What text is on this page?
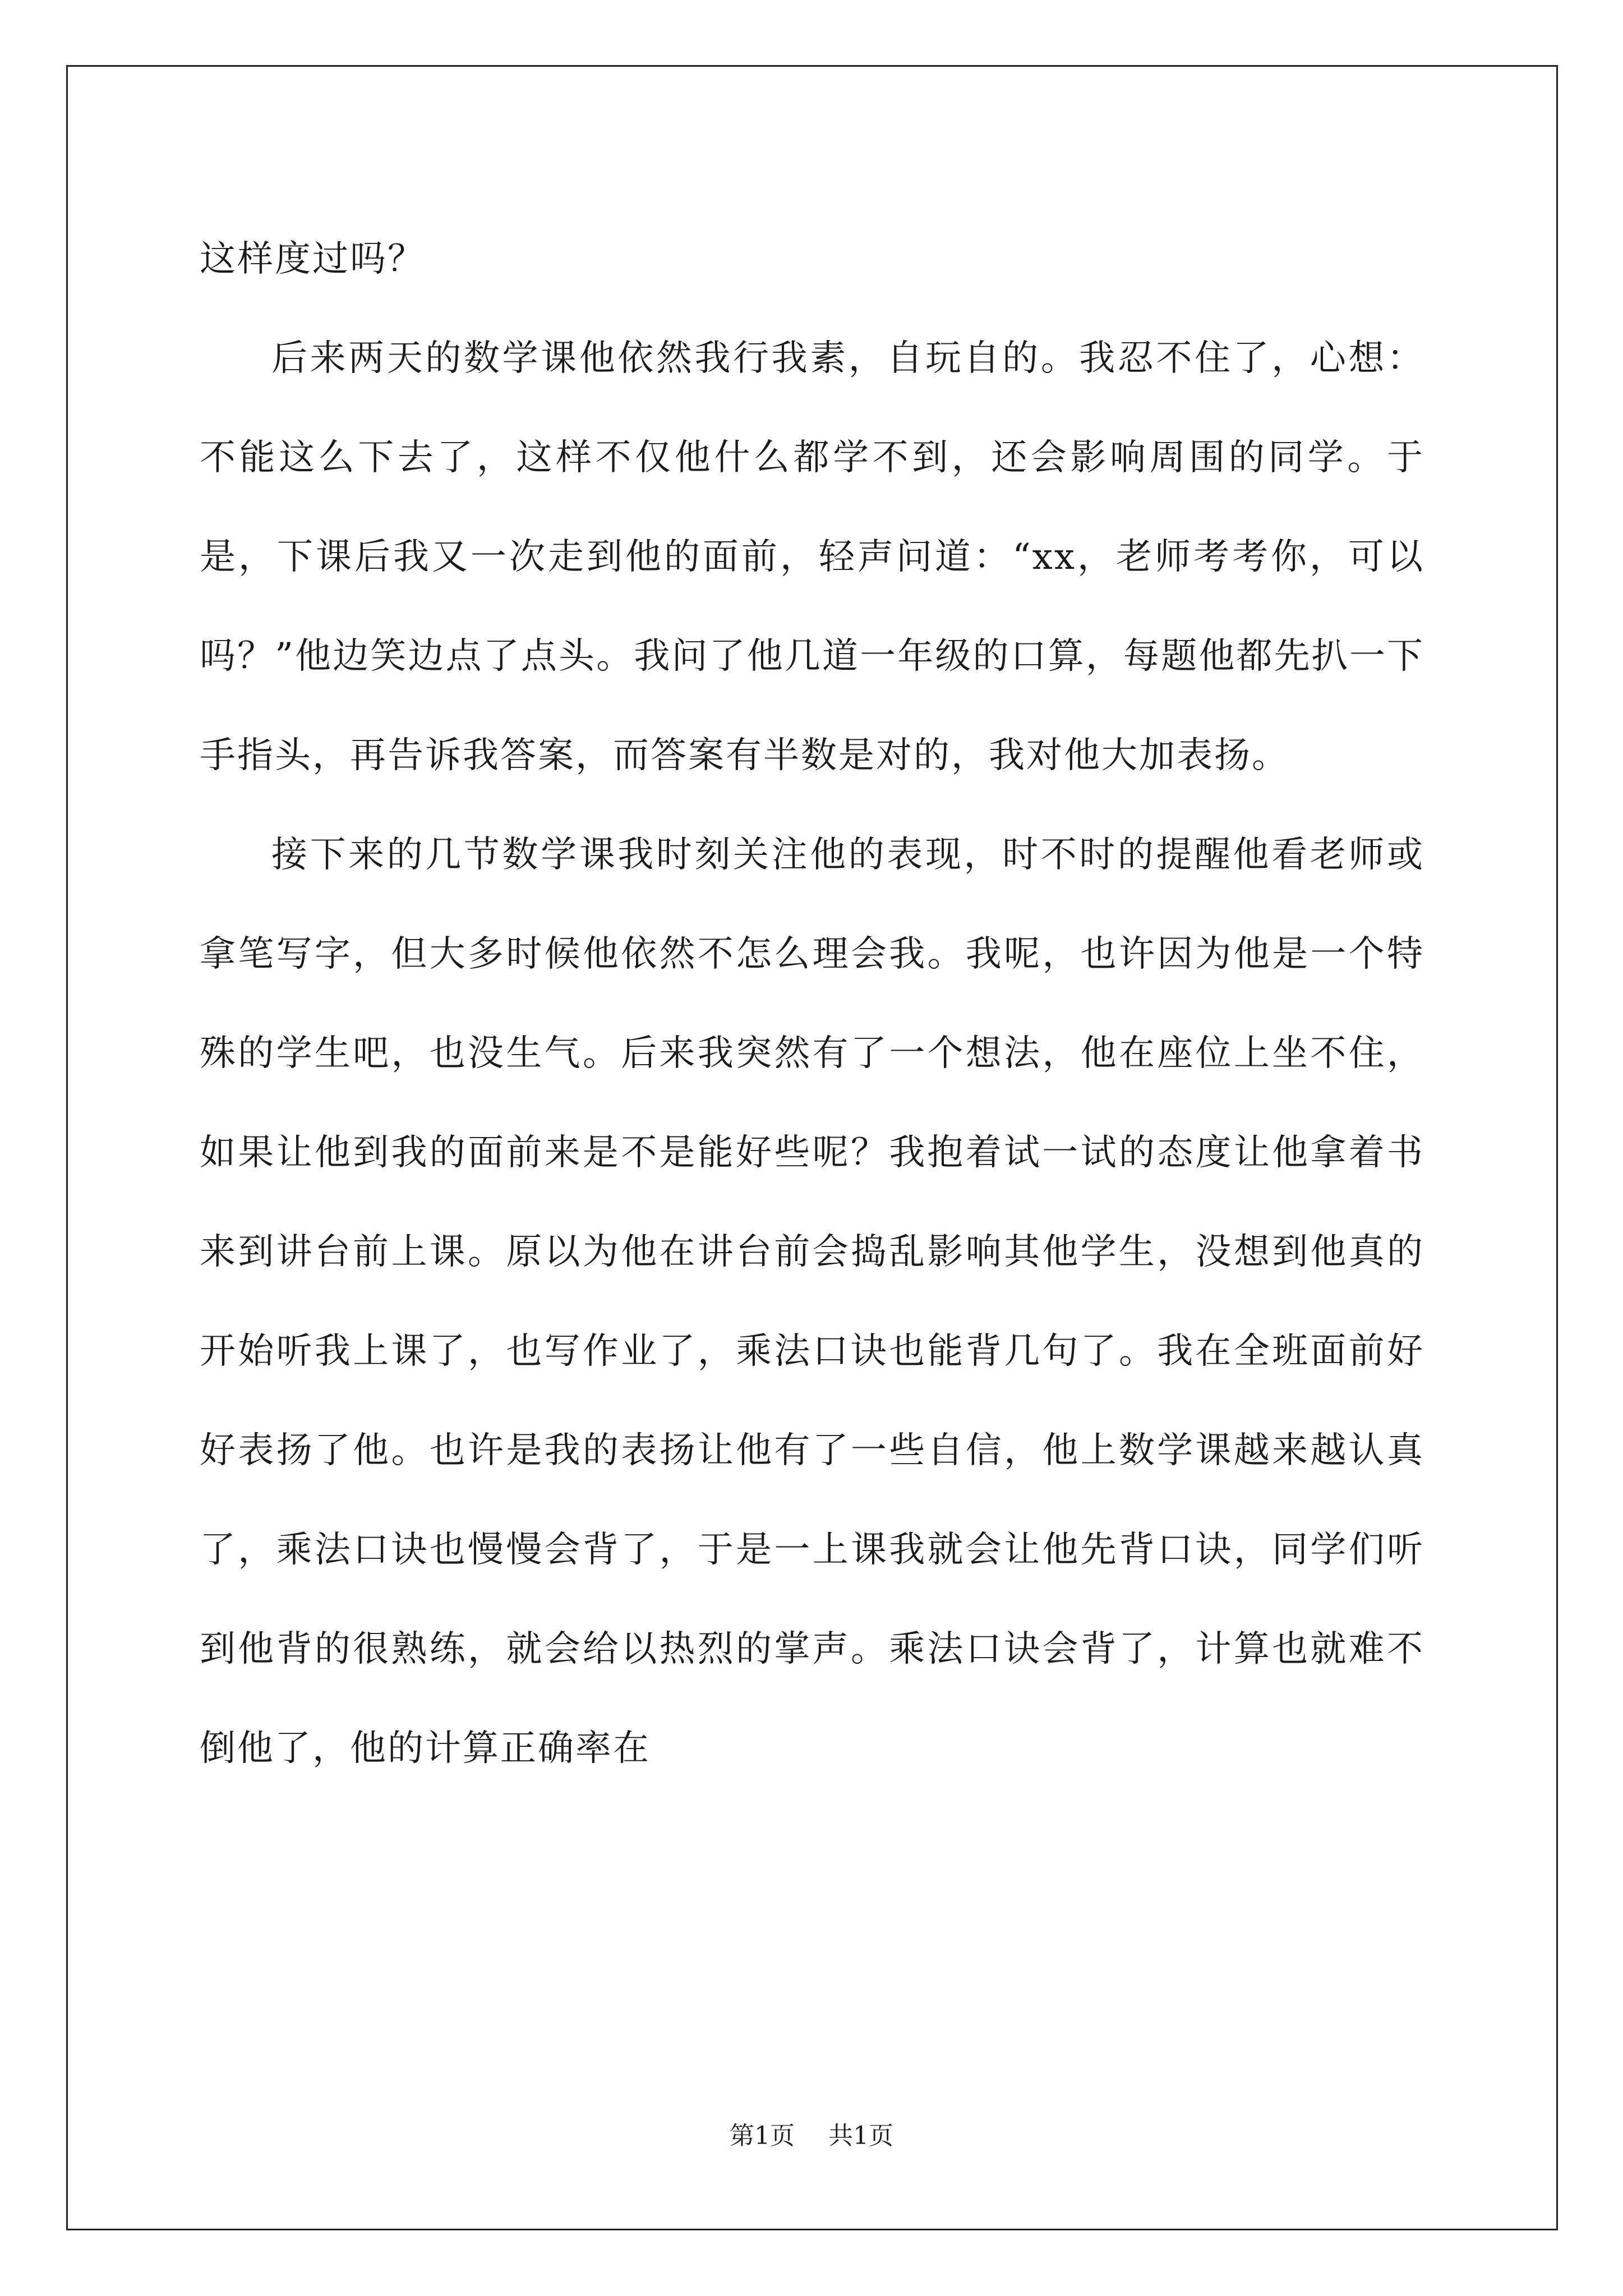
这样度过吗？

后来两天的数学课他依然我行我素，自玩自的。我忍不住了，心想：不能这么下去了，这样不仅他什么都学不到，还会影响周围的同学。于是，下课后我又一次走到他的面前，轻声问道：“xx，老师考考你，可以吗？”他边笑边点了点头。我问了他几道一年级的口算，每题他都先扒一下手指头，再告诉我答案，而答案有半数是对的，我对他大加表扬。

接下来的几节数学课我时刻关注他的表现，时不时的提醒他看老师或拿笔写字，但大多时候他依然不怎么理会我。我呢，也许因为他是一个特殊的学生吧，也没生气。后来我突然有了一个想法，他在座位上坐不住，如果让他到我的面前来是不是能好些呢？我抱着试一试的态度让他拿着书来到讲台前上课。原以为他在讲台前会捣乱影响其他学生，没想到他真的开始听我上课了，也写作业了，乘法口诀也能背几句了。我在全班面前好好表扬了他。也许是我的表扬让他有了一些自信，他上数学课越来越认真了，乘法口诀也慢慢会背了，于是一上课我就会让他先背口诀，同学们听到他背的很熟练，就会给以热烈的掌声。乘法口诀会背了，计算也就难不倒他了，他的计算正确率在

第1页 共1页
